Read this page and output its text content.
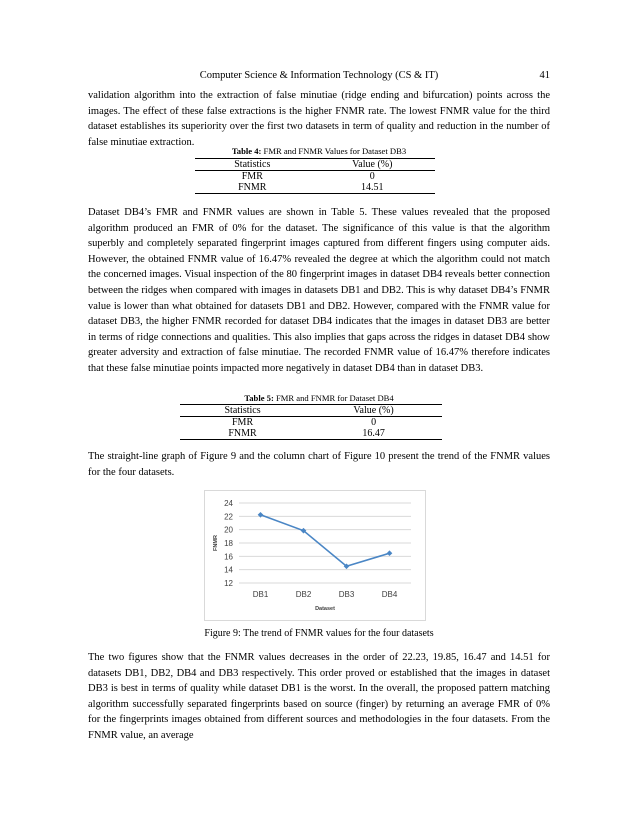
Computer Science & Information Technology (CS & IT)	41

validation algorithm into the extraction of false minutiae (ridge ending and bifurcation) points across the images. The effect of these false extractions is the higher FNMR rate. The lowest FNMR value for the third dataset establishes its superiority over the first two datasets in term of quality and reduction in the number of false minutiae extraction.

Table 4: FMR and FNMR Values for Dataset DB3
Statistics	Value (%)
FMR	0
FNMR	14.51

Dataset DB4’s FMR and FNMR values are shown in Table 5. These values revealed that the proposed algorithm produced an FMR of 0% for the dataset. The significance of this value is that the algorithm superbly and completely separated fingerprint images captured from different fingers using computer aids. However, the obtained FNMR value of 16.47% revealed the degree at which the algorithm could not match the concerned images. Visual inspection of the 80 fingerprint images in dataset DB4 reveals better connection between the ridges when compared with images in datasets DB1 and DB2. This is why dataset DB4’s FNMR value is lower than what obtained for datasets DB1 and DB2. However, compared with the FNMR value for dataset DB3, the higher FNMR recorded for dataset DB4 indicates that the images in dataset DB3 are better in terms of ridge connections and qualities. This also implies that gaps across the ridges in dataset DB4 show greater adversity and extraction of false minutiae. The recorded FNMR value of 16.47% therefore indicates that these false minutiae points impacted more negatively in dataset DB4 than in dataset DB3.

Table 5: FMR and FNMR for Dataset DB4
Statistics	Value (%)
FMR	0
FNMR	16.47

The straight-line graph of Figure 9 and the column chart of Figure 10 present the trend of the FNMR values for the four datasets.

12
14
16
18
20
22
24
DB1	DB2	DB3	DB4
Dataset
FNMR
Figure 9: The trend of FNMR values for the four datasets

The two figures show that the FNMR values decreases in the order of 22.23, 19.85, 16.47 and 14.51 for datasets DB1, DB2, DB4 and DB3 respectively. This order proved or established that the images in dataset DB3 is best in terms of quality while dataset DB1 is the worst. In the overall, the proposed pattern matching algorithm successfully separated fingerprints based on source (finger) by returning an average FMR of 0% for the fingerprints images obtained from different sources and methodologies in the four datasets. From the FNMR value, an average
